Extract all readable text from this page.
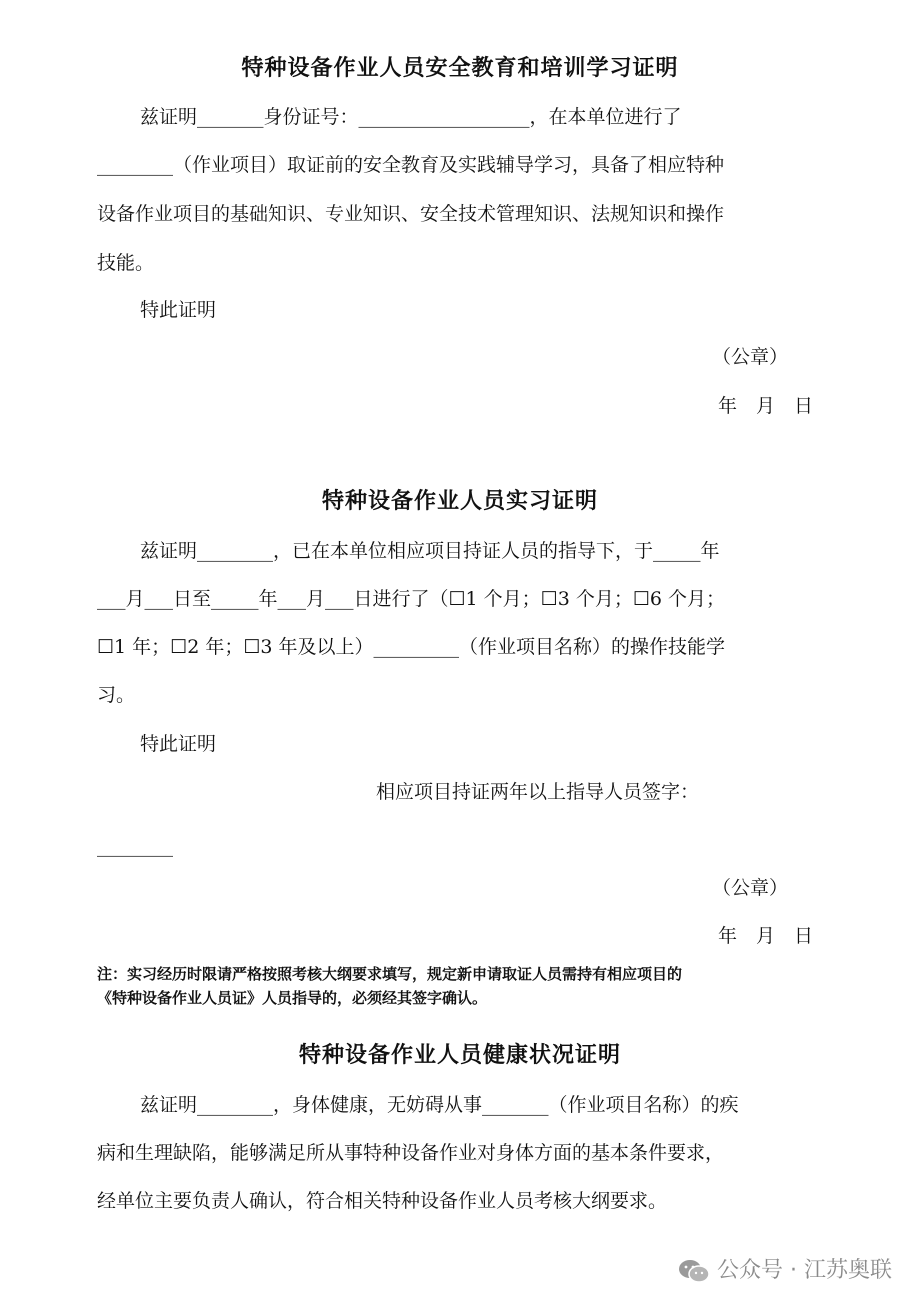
特种设备作业人员安全教育和培训学习证明
兹证明_______身份证号：__________________，在本单位进行了
________（作业项目）取证前的安全教育及实践辅导学习，具备了相应特种
设备作业项目的基础知识、专业知识、安全技术管理知识、法规知识和操作
技能。
特此证明
（公章）
年　月　日
特种设备作业人员实习证明
兹证明________，已在本单位相应项目持证人员的指导下，于_____年
___月___日至_____年___月___日进行了（☐1 个月；☐3 个月；☐6 个月；
☐1 年；☐2 年；☐3 年及以上）_________（作业项目名称）的操作技能学
习。
特此证明
相应项目持证两年以上指导人员签字：
________
（公章）
年　月　日
注：实习经历时限请严格按照考核大纲要求填写，规定新申请取证人员需持有相应项目的
《特种设备作业人员证》人员指导的，必须经其签字确认。
特种设备作业人员健康状况证明
兹证明________，身体健康，无妨碍从事_______（作业项目名称）的疾
病和生理缺陷，能够满足所从事特种设备作业对身体方面的基本条件要求，
经单位主要负责人确认，符合相关特种设备作业人员考核大纲要求。
公众号 · 江苏奥联
